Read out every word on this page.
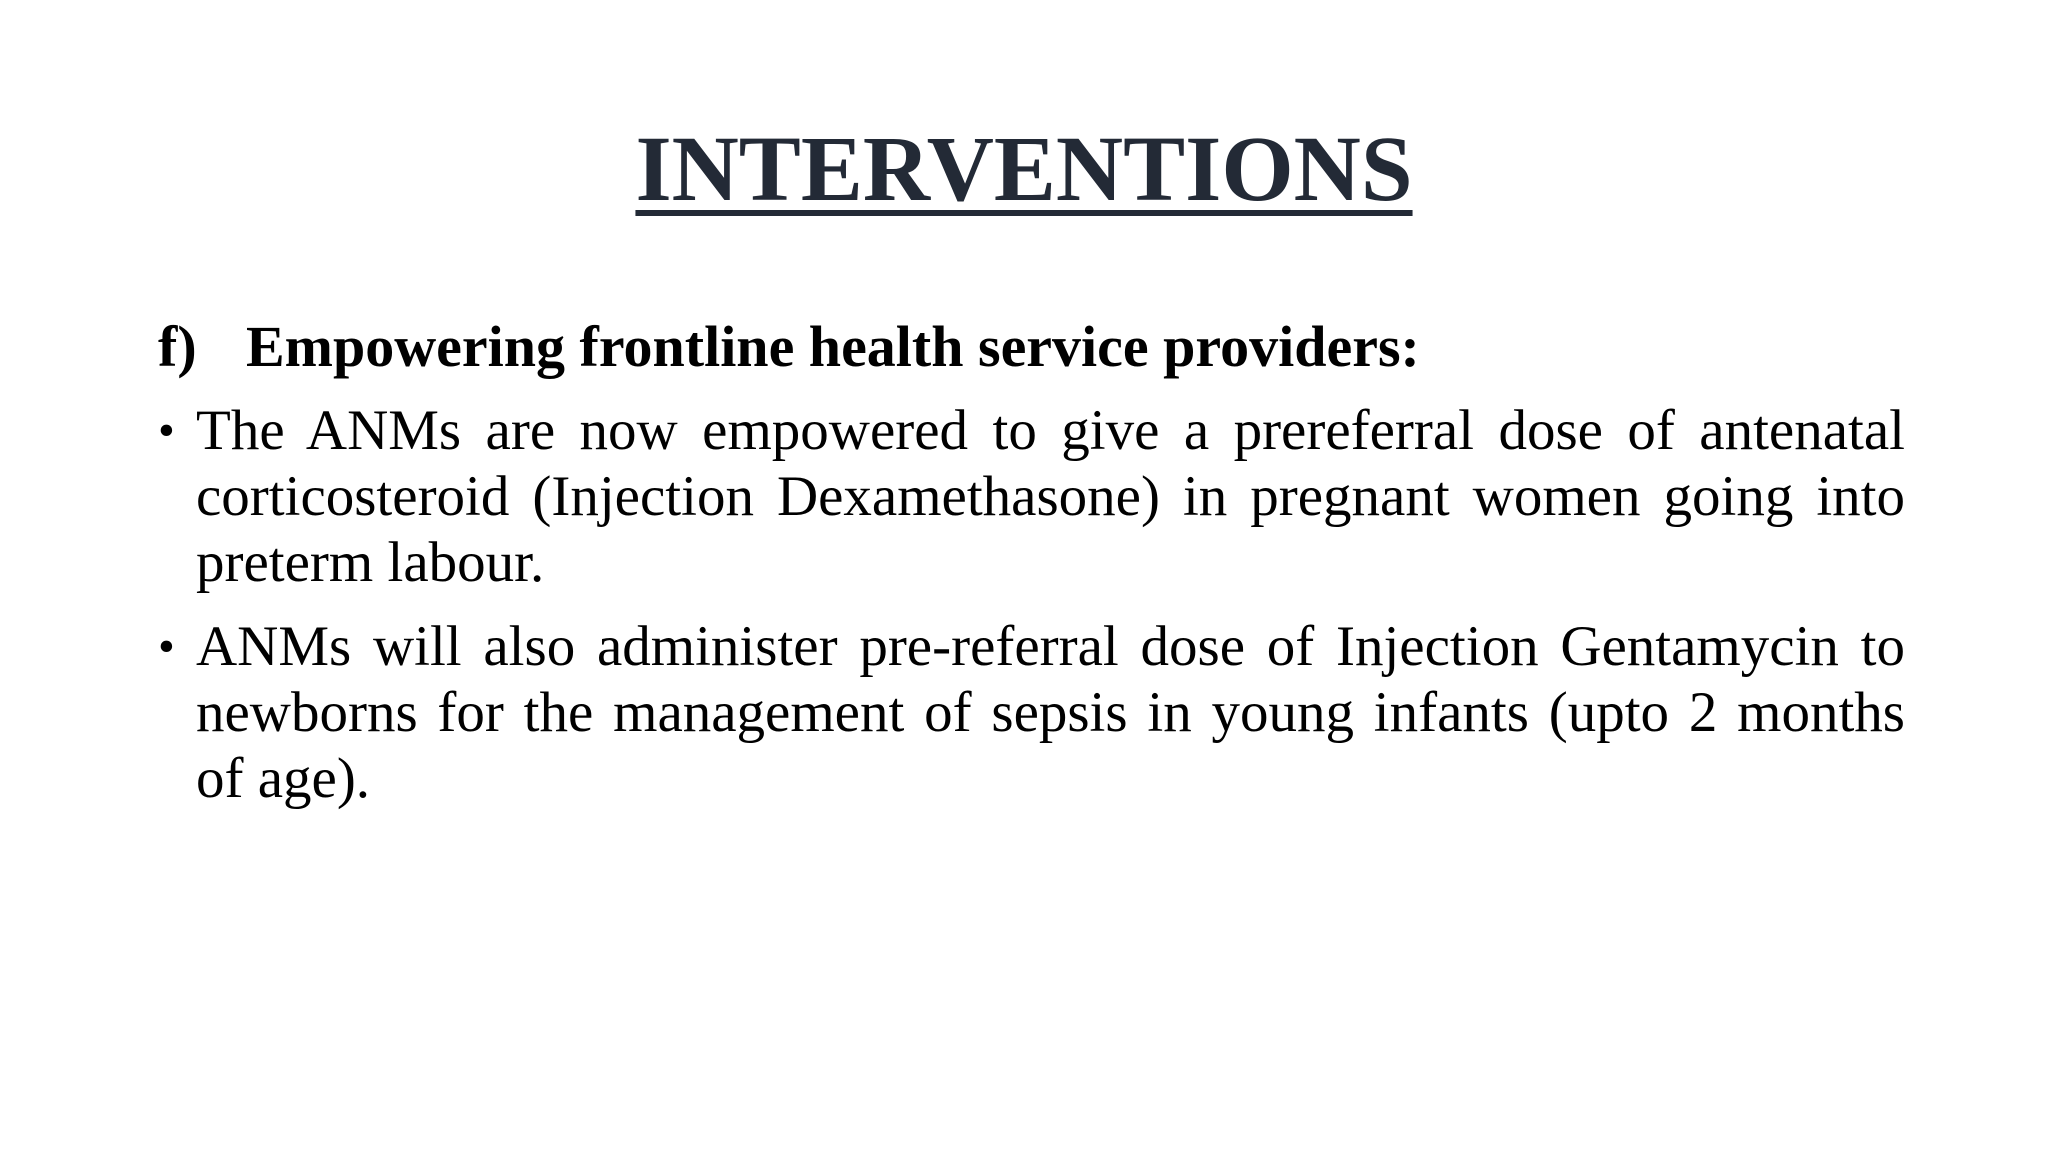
INTERVENTIONS

f) Empowering frontline health service providers:

• The ANMs are now empowered to give a prereferral dose of antenatal corticosteroid (Injection Dexamethasone) in pregnant women going into preterm labour.
• ANMs will also administer pre-referral dose of Injection Gentamycin to newborns for the management of sepsis in young infants (upto 2 months of age).
